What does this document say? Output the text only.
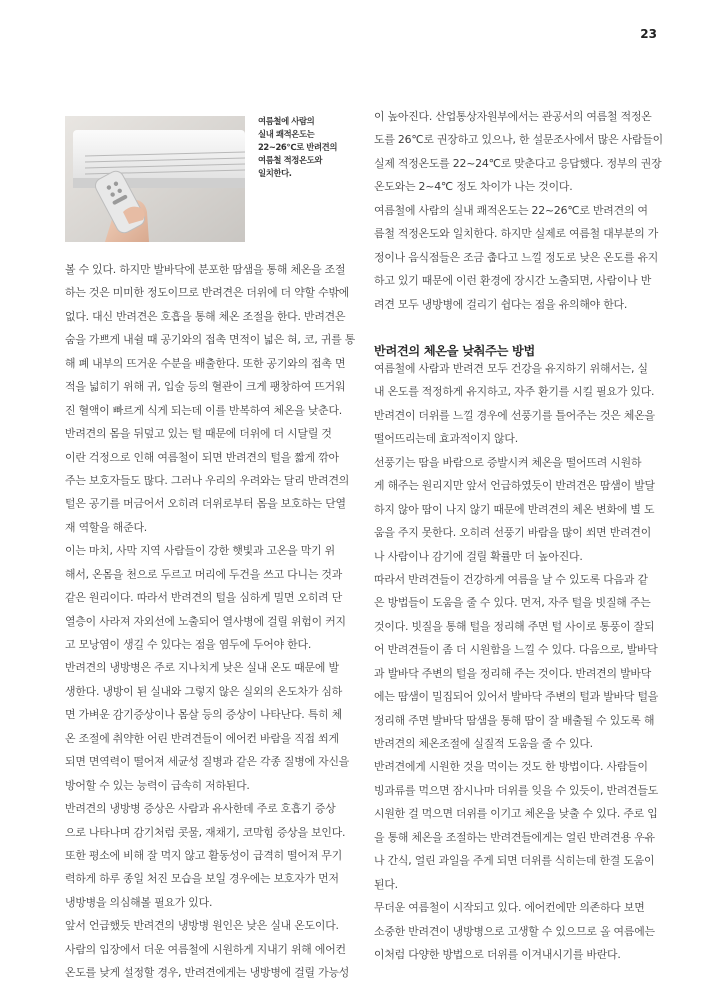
23
여름철에 사람의
실내 쾌적온도는
22~26℃로 반려견의
여름철 적정온도와
일치한다.
볼 수 있다. 하지만 발바닥에 분포한 땀샘을 통해 체온을 조절
하는 것은 미미한 정도이므로 반려견은 더위에 더 약할 수밖에
없다. 대신 반려견은 호흡을 통해 체온 조절을 한다. 반려견은
숨을 가쁘게 내쉴 때 공기와의 접촉 면적이 넓은 혀, 코, 귀를 통
해 폐 내부의 뜨거운 수분을 배출한다. 또한 공기와의 접촉 면
적을 넓히기 위해 귀, 입술 등의 혈관이 크게 팽창하여 뜨거워
진 혈액이 빠르게 식게 되는데 이를 반복하여 체온을 낮춘다.
반려견의 몸을 뒤덮고 있는 털 때문에 더위에 더 시달릴 것
이란 걱정으로 인해 여름철이 되면 반려견의 털을 짧게 깎아
주는 보호자들도 많다. 그러나 우리의 우려와는 달리 반려견의
털은 공기를 머금어서 오히려 더위로부터 몸을 보호하는 단열
재 역할을 해준다.
이는 마치, 사막 지역 사람들이 강한 햇빛과 고온을 막기 위
해서, 온몸을 천으로 두르고 머리에 두건을 쓰고 다니는 것과
같은 원리이다. 따라서 반려견의 털을 심하게 밀면 오히려 단
열층이 사라져 자외선에 노출되어 열사병에 걸릴 위험이 커지
고 모낭염이 생길 수 있다는 점을 염두에 두어야 한다.
반려견의 냉방병은 주로 지나치게 낮은 실내 온도 때문에 발
생한다. 냉방이 된 실내와 그렇지 않은 실외의 온도차가 심하
면 가벼운 감기증상이나 몸살 등의 증상이 나타난다. 특히 체
온 조절에 취약한 어린 반려견들이 에어컨 바람을 직접 쐬게
되면 면역력이 떨어져 세균성 질병과 같은 각종 질병에 자신을
방어할 수 있는 능력이 급속히 저하된다.
반려견의 냉방병 증상은 사람과 유사한데 주로 호흡기 증상
으로 나타나며 감기처럼 콧물, 재채기, 코막힘 증상을 보인다.
또한 평소에 비해 잘 먹지 않고 활동성이 급격히 떨어져 무기
력하게 하루 종일 처진 모습을 보일 경우에는 보호자가 먼저
냉방병을 의심해볼 필요가 있다.
앞서 언급했듯 반려견의 냉방병 원인은 낮은 실내 온도이다.
사람의 입장에서 더운 여름철에 시원하게 지내기 위해 에어컨
온도를 낮게 설정할 경우, 반려견에게는 냉방병에 걸릴 가능성
이 높아진다. 산업통상자원부에서는 관공서의 여름철 적정온
도를 26℃로 권장하고 있으나, 한 설문조사에서 많은 사람들이
실제 적정온도를 22~24℃로 맞춘다고 응답했다. 정부의 권장
온도와는 2~4℃ 정도 차이가 나는 것이다.
여름철에 사람의 실내 쾌적온도는 22~26℃로 반려견의 여
름철 적정온도와 일치한다. 하지만 실제로 여름철 대부분의 가
정이나 음식점들은 조금 춥다고 느낄 정도로 낮은 온도를 유지
하고 있기 때문에 이런 환경에 장시간 노출되면, 사람이나 반
려견 모두 냉방병에 걸리기 쉽다는 점을 유의해야 한다.
반려견의 체온을 낮춰주는 방법
여름철에 사람과 반려견 모두 건강을 유지하기 위해서는, 실
내 온도를 적정하게 유지하고, 자주 환기를 시킬 필요가 있다.
반려견이 더위를 느낄 경우에 선풍기를 틀어주는 것은 체온을
떨어뜨리는데 효과적이지 않다.
선풍기는 땀을 바람으로 증발시켜 체온을 떨어뜨려 시원하
게 해주는 원리지만 앞서 언급하였듯이 반려견은 땀샘이 발달
하지 않아 땀이 나지 않기 때문에 반려견의 체온 변화에 별 도
움을 주지 못한다. 오히려 선풍기 바람을 많이 쐬면 반려견이
나 사람이나 감기에 걸릴 확률만 더 높아진다.
따라서 반려견들이 건강하게 여름을 날 수 있도록 다음과 같
은 방법들이 도움을 줄 수 있다. 먼저, 자주 털을 빗질해 주는
것이다. 빗질을 통해 털을 정리해 주면 털 사이로 통풍이 잘되
어 반려견들이 좀 더 시원함을 느낄 수 있다. 다음으로, 발바닥
과 발바닥 주변의 털을 정리해 주는 것이다. 반려견의 발바닥
에는 땀샘이 밀집되어 있어서 발바닥 주변의 털과 발바닥 털을
정리해 주면 발바닥 땀샘을 통해 땀이 잘 배출될 수 있도록 해
반려견의 체온조절에 실질적 도움을 줄 수 있다.
반려견에게 시원한 것을 먹이는 것도 한 방법이다. 사람들이
빙과류를 먹으면 잠시나마 더위를 잊을 수 있듯이, 반려견들도
시원한 걸 먹으면 더위를 이기고 체온을 낮출 수 있다. 주로 입
을 통해 체온을 조절하는 반려견들에게는 얼린 반려견용 우유
나 간식, 얼린 과일을 주게 되면 더위를 식히는데 한결 도움이
된다.
무더운 여름철이 시작되고 있다. 에어컨에만 의존하다 보면
소중한 반려견이 냉방병으로 고생할 수 있으므로 올 여름에는
이처럼 다양한 방법으로 더위를 이겨내시기를 바란다.
